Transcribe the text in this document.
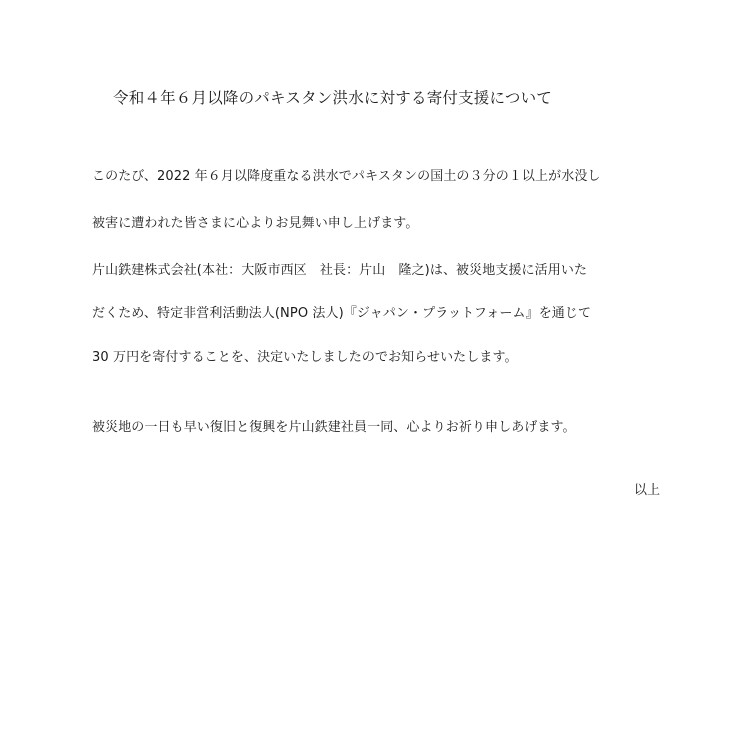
令和４年６月以降のパキスタン洪水に対する寄付支援について
このたび、2022 年６月以降度重なる洪水でパキスタンの国土の３分の１以上が水没し
被害に遭われた皆さまに心よりお見舞い申し上げます。
片山鉄建株式会社(本社：大阪市西区　社長：片山　隆之)は、被災地支援に活用いた
だくため、特定非営利活動法人(NPO 法人)『ジャパン・プラットフォーム』を通じて
30 万円を寄付することを、決定いたしましたのでお知らせいたします。
被災地の一日も早い復旧と復興を片山鉄建社員一同、心よりお祈り申しあげます。
以上
